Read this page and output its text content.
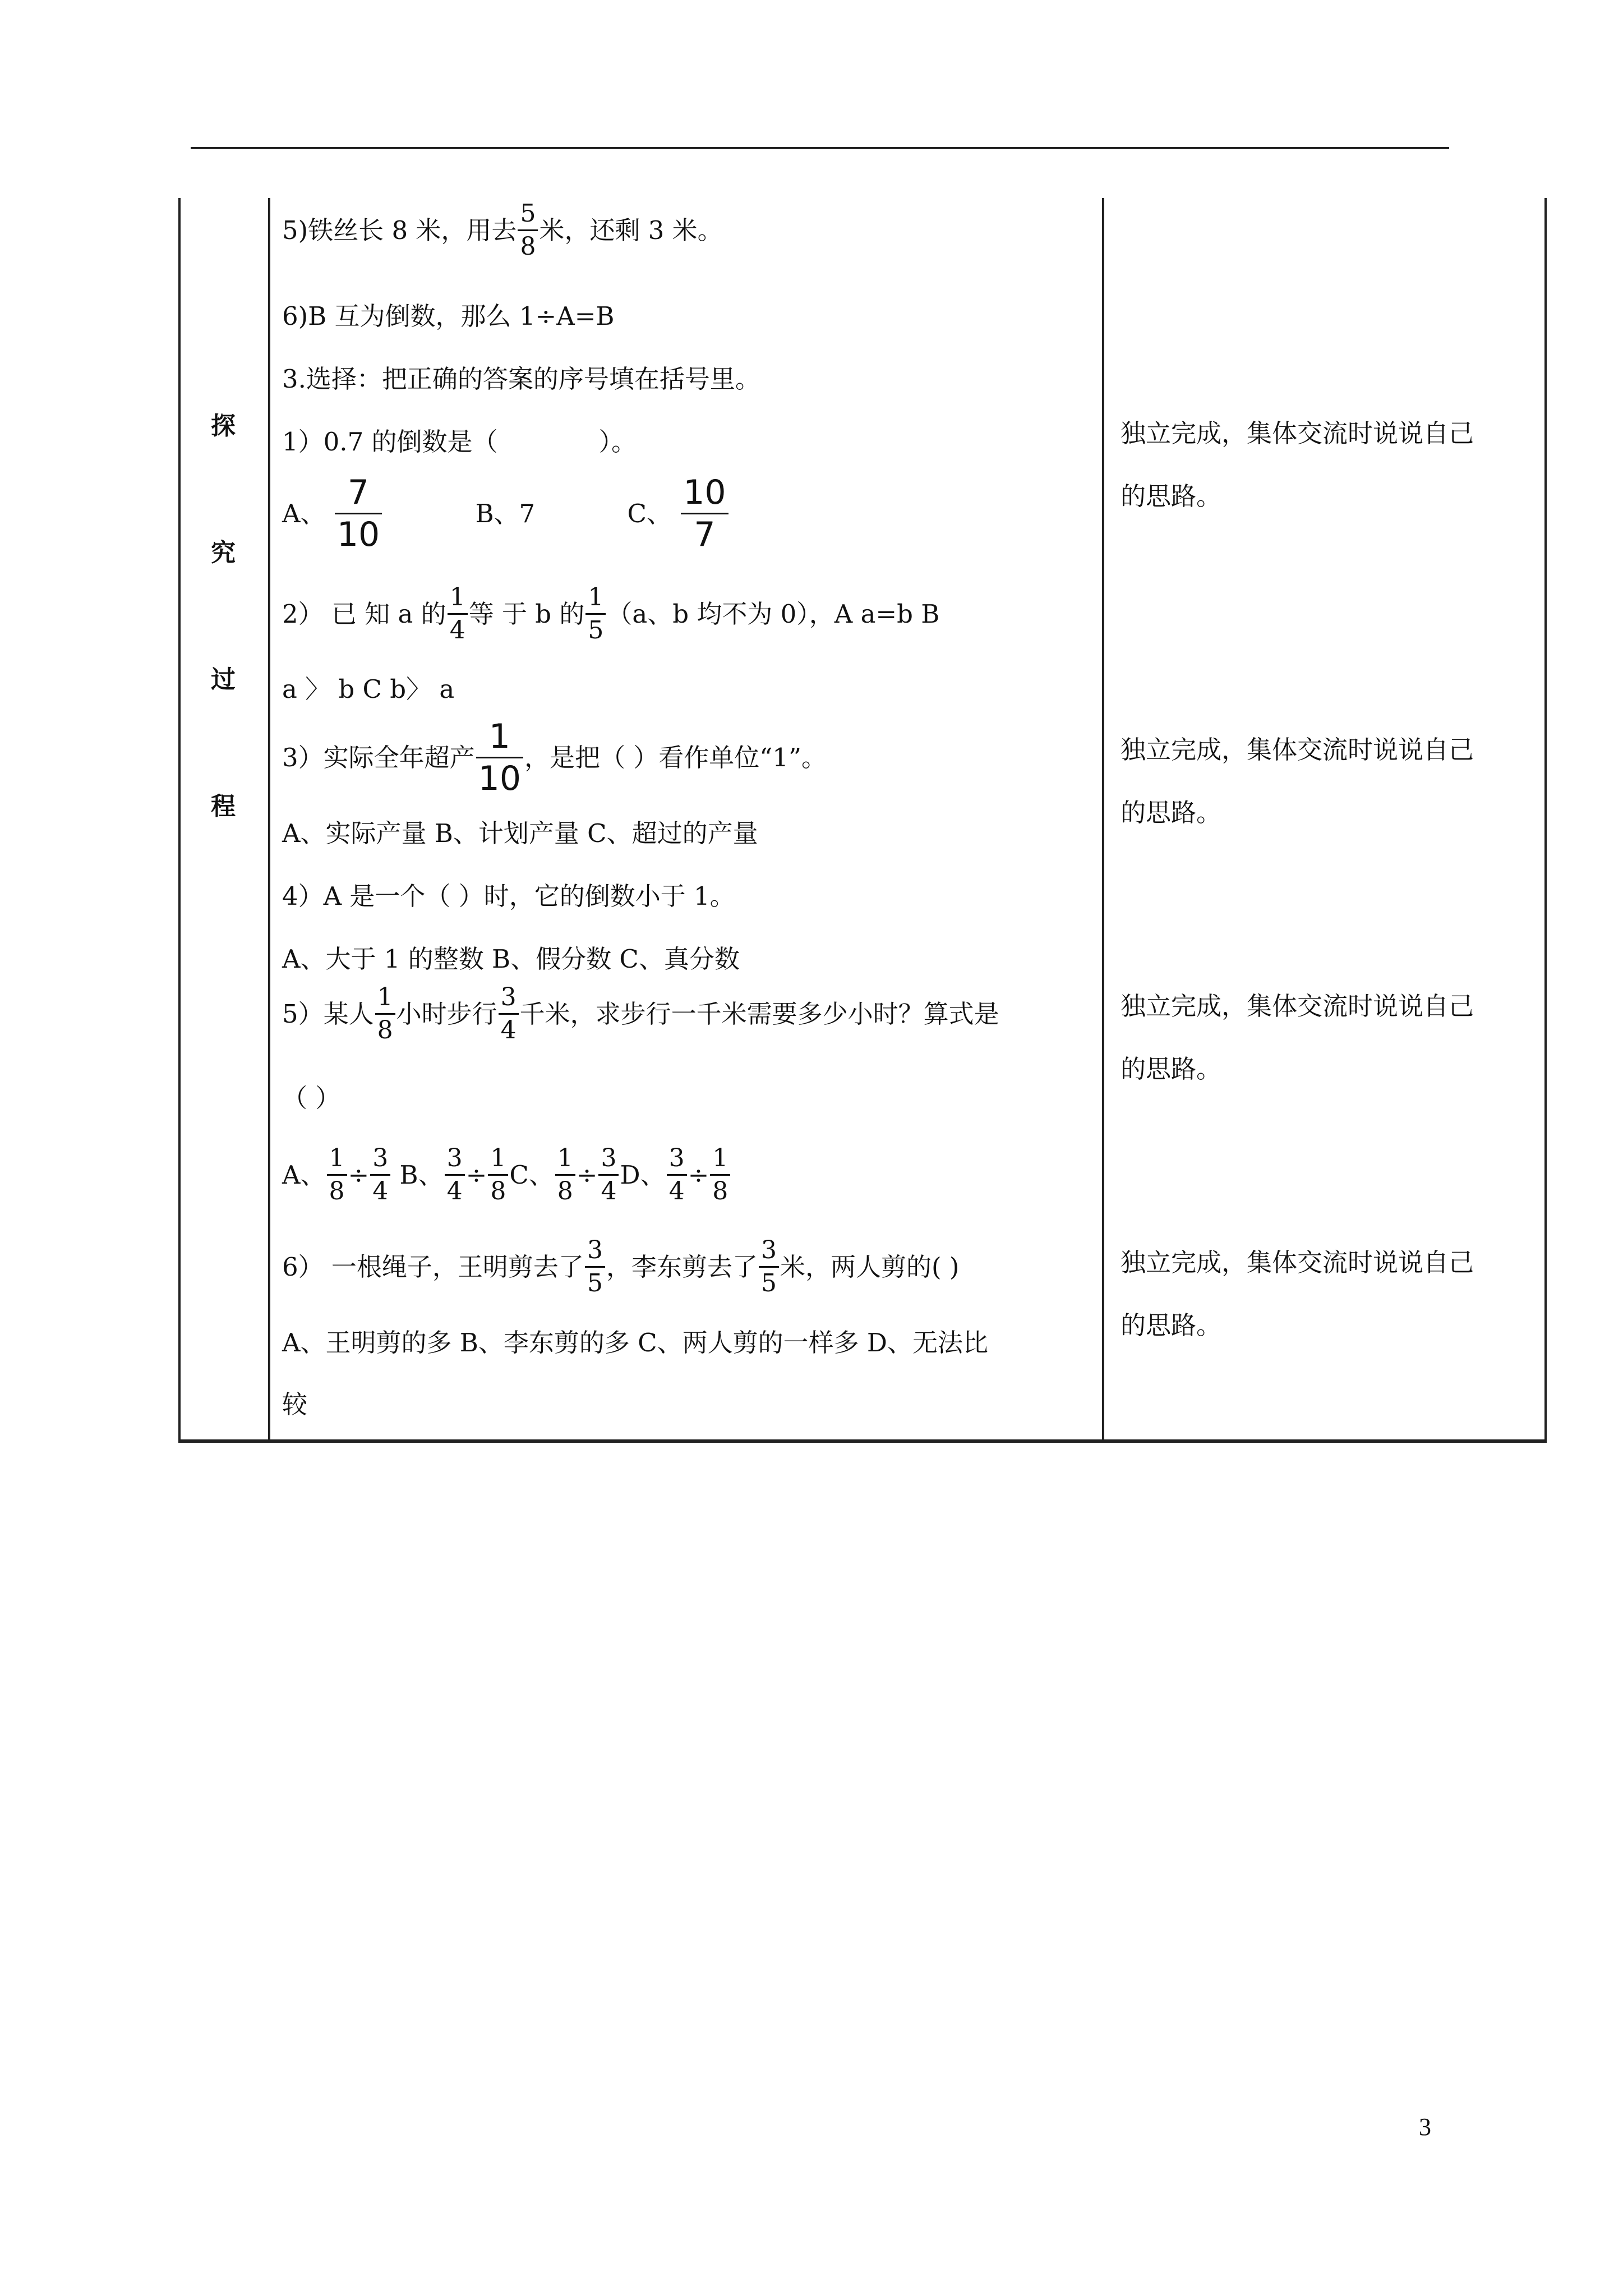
探
究
过
程
5)铁丝长 8 米，用去 $\frac{5}{8}$ 米，还剩 3 米。
6)B 互为倒数，那么 1÷A=B
3.选择：把正确的答案的序号填在括号里。
1）0.7 的倒数是（　　　　）。
A、 $\frac{7}{10}$	B、7	C、 $\frac{10}{7}$
2） 已 知 a 的 $\frac{1}{4}$ 等 于 b 的 $\frac{1}{5} (a$、b 均不为 0），A a=b B
a 〉 b C b〉 a
3）实际全年超产 $\frac{1}{10}$ ，是把（ ）看作单位“1”。
A、实际产量 B、计划产量 C、超过的产量
4）A 是一个（ ）时，它的倒数小于 1。
A、大于 1 的整数 B、假分数 C、真分数
5）某人 $\frac{1}{8}$ 小时步行 $\frac{3}{4}$ 千米，求步行一千米需要多少小时？算式是
（ ）
A、 $\frac{1}{8} \div \frac{3}{4}$ B、 $\frac{3}{4} \div \frac{1}{8}$ C、 $\frac{1}{8} \div \frac{3}{4}$ D、 $\frac{3}{4} \div \frac{1}{8}$
6） 一根绳子，王明剪去了 $\frac{3}{5}$ ，李东剪去了 $\frac{3}{5}$ 米，两人剪的( )
A、王明剪的多 B、李东剪的多 C、两人剪的一样多 D、无法比
较
独立完成，集体交流时说说自己
的思路。
独立完成，集体交流时说说自己
的思路。
独立完成，集体交流时说说自己
的思路。
独立完成，集体交流时说说自己
的思路。
3
